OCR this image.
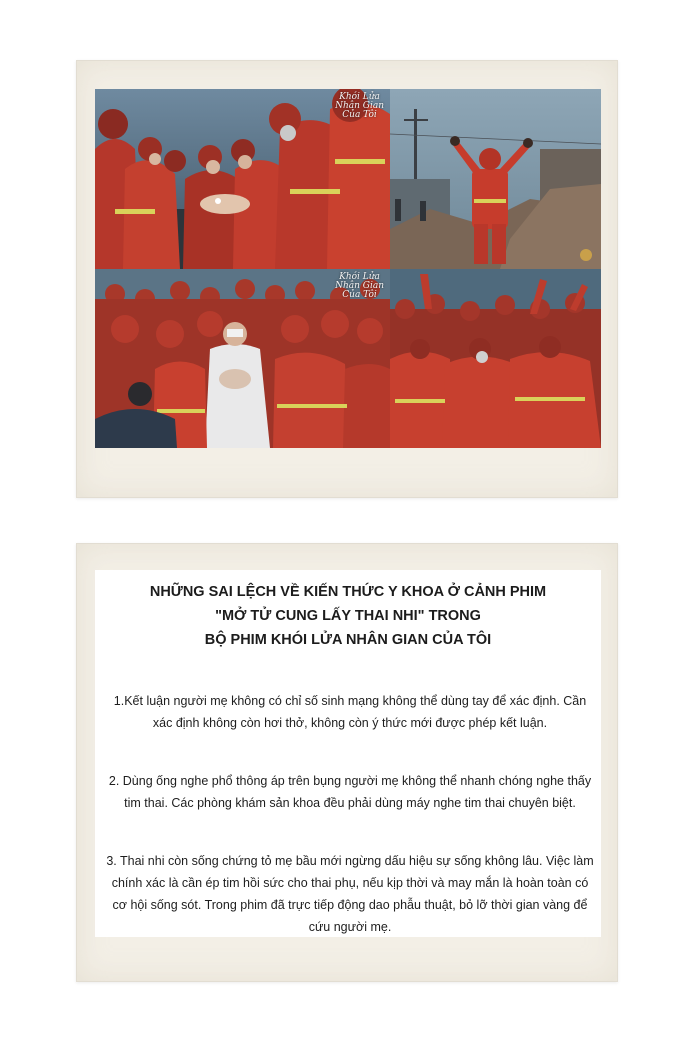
Khói Lửa
Nhân Gian
Của Tôi
Khói Lửa
Nhân Gian
Của Tôi
NHỮNG SAI LỆCH VỀ KIẾN THỨC Y KHOA Ở CẢNH PHIM
"MỞ TỬ CUNG LẤY THAI NHI" TRONG
BỘ PHIM KHÓI LỬA NHÂN GIAN CỦA TÔI
1.Kết luận người mẹ không có chỉ số sinh mạng không thể dùng tay để xác định. Cần xác định không còn hơi thở, không còn ý thức mới được phép kết luận.
2. Dùng ống nghe phổ thông áp trên bụng người mẹ không thể nhanh chóng nghe thấy tim thai. Các phòng khám sản khoa đều phải dùng máy nghe tim thai chuyên biệt.
3. Thai nhi còn sống chứng tỏ mẹ bầu mới ngừng dấu hiệu sự sống không lâu. Việc làm chính xác là cần ép tim hồi sức cho thai phụ, nếu kịp thời và may mắn là hoàn toàn có cơ hội sống sót. Trong phim đã trực tiếp động dao phẫu thuật, bỏ lỡ thời gian vàng để cứu người mẹ.
